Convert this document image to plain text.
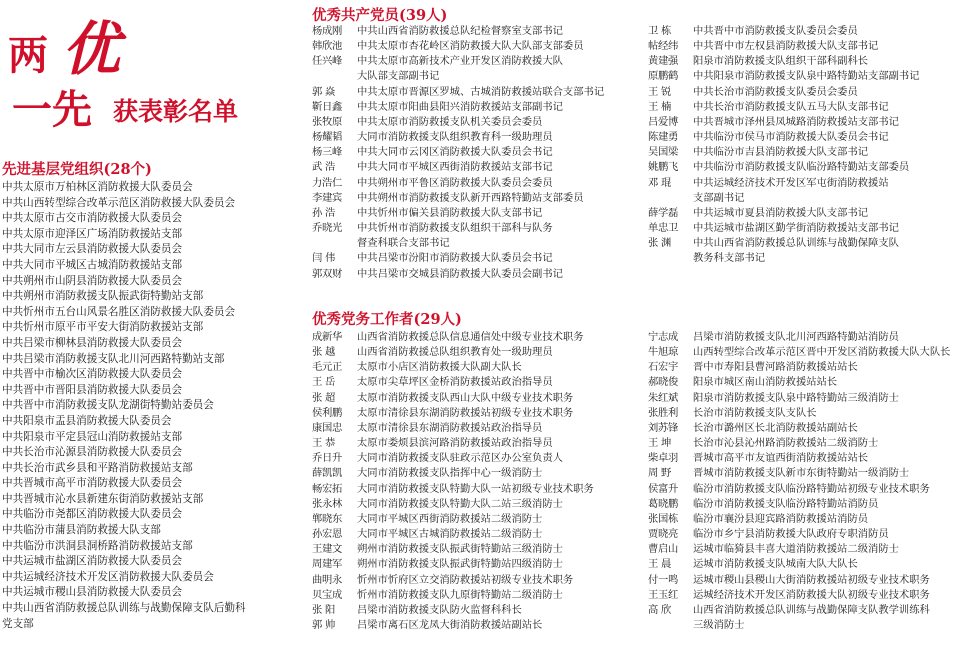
两 优
一先 获表彰名单
先进基层党组织(28个)
中共太原市万柏林区消防救援大队委员会
中共山西转型综合改革示范区消防救援大队委员会
中共太原市古交市消防救援大队委员会
中共太原市迎泽区广场消防救援站支部
中共大同市左云县消防救援大队委员会
中共大同市平城区古城消防救援站支部
中共朔州市山阴县消防救援大队委员会
中共朔州市消防救援支队振武街特勤站支部
中共忻州市五台山风景名胜区消防救援大队委员会
中共忻州市原平市平安大街消防救援站支部
中共吕梁市柳林县消防救援大队委员会
中共吕梁市消防救援支队北川河西路特勤站支部
中共晋中市榆次区消防救援大队委员会
中共晋中市晋阳县消防救援大队委员会
中共晋中市消防救援支队龙湖街特勤站委员会
中共阳泉市盂县消防救援大队委员会
中共阳泉市平定县冠山消防救援站支部
中共长治市沁源县消防救援大队委员会
中共长治市武乡县和平路消防救援站支部
中共晋城市高平市消防救援大队委员会
中共晋城市沁水县新建东街消防救援站支部
中共临汾市尧都区消防救援大队委员会
中共临汾市蒲县消防救援大队支部
中共临汾市洪洞县洞桥路消防救援站支部
中共运城市盐湖区消防救援大队委员会
中共运城经济技术开发区消防救援大队委员会
中共运城市稷山县消防救援大队委员会
中共山西省消防救援总队训练与战勤保障支队后勤科
党支部
优秀共产党员(39人)
杨成刚	中共山西省消防救援总队纪检督察室支部书记
韩欣池	中共太原市杏花岭区消防救援大队大队部支部委员
任兴峰	中共太原市高新技术产业开发区消防救援大队
大队部支部副书记
郭 焱	中共太原市晋源区罗城、古城消防救援站联合支部书记
靳日鑫	中共太原市阳曲县阳兴消防救援站支部副书记
张牧原	中共太原市消防救援支队机关委员会委员
杨耀韬	大同市消防救援支队组织教育科一级助理员
杨三峰	中共大同市云冈区消防救援大队委员会书记
武 浩	中共大同市平城区西街消防救援站支部书记
力浩仁	中共朔州市平鲁区消防救援大队委员会委员
李建宾	中共朔州市消防救援支队新开西路特勤站支部委员
孙 浩	中共忻州市偏关县消防救援大队支部书记
乔晓光	中共忻州市消防救援支队组织干部科与队务
督查科联合支部书记
闫 伟	中共吕梁市汾阳市消防救援大队委员会书记
郭双财	中共吕梁市交城县消防救援大队委员会副书记
卫 栋	中共晋中市消防救援支队委员会委员
帖经纬	中共晋中市左权县消防救援大队支部书记
黄建强	阳泉市消防救援支队组织干部科副科长
原鹏鹤	中共阳泉市消防救援支队泉中路特勤站支部副书记
王 锐	中共长治市消防救援支队委员会委员
王 楠	中共长治市消防救援支队五马大队支部书记
吕爱博	中共晋城市泽州县凤城路消防救援站支部书记
陈建勇	中共临汾市侯马市消防救援大队委员会书记
吴国梁	中共临汾市吉县消防救援大队支部书记
姚鹏飞	中共临汾市消防救援支队临汾路特勤站支部委员
邓 琨	中共运城经济技术开发区军屯街消防救援站
支部副书记
薛学磊	中共运城市夏县消防救援大队支部书记
单忠卫	中共运城市盐湖区勤学街消防救援站支部书记
张 渊	中共山西省消防救援总队训练与战勤保障支队
教务科支部书记
优秀党务工作者(29人)
成新华	山西省消防救援总队信息通信处中级专业技术职务
张 越	山西省消防救援总队组织教育处一级助理员
毛元正	太原市小店区消防救援大队副大队长
王 岳	太原市尖草坪区金桥消防救援站政治指导员
张 超	太原市消防救援支队西山大队中级专业技术职务
侯利鹏	太原市清徐县东湖消防救援站初级专业技术职务
康国忠	太原市清徐县东湖消防救援站政治指导员
王 恭	太原市娄烦县滨河路消防救援站政治指导员
乔日升	大同市消防救援支队驻政示范区办公室负责人
薛凯凯	大同市消防救援支队指挥中心一级消防士
畅宏拓	大同市消防救援支队特勤大队一站初级专业技术职务
张永林	大同市消防救援支队特勤大队二站三级消防士
郸晓东	大同市平城区西街消防救援站二级消防士
孙宏恩	大同市平城区古城消防救援站二级消防士
王建文	朔州市消防救援支队振武街特勤站三级消防士
周建军	朔州市消防救援支队振武街特勤站四级消防士
曲明永	忻州市忻府区立交消防救援站初级专业技术职务
贝宝成	忻州市消防救援支队九原街特勤站二级消防士
张 阳	吕梁市消防救援支队防火监督科科长
郭 帅	吕梁市离石区龙凤大街消防救援站副站长
宁志成	吕梁市消防救援支队北川河西路特勤站消防员
牛旭琼	山西转型综合改革示范区晋中开发区消防救援大队大队长
石宏宇	晋中市寿阳县曹河路消防救援站站长
郝晓俊	阳泉市城区南山消防救援站站长
朱红斌	阳泉市消防救援支队泉中路特勤站三级消防士
张胜利	长治市消防救援支队支队长
刘苏锋	长治市潞州区长北消防救援站副站长
王 坤	长治市沁县沁州路消防救援站二级消防士
柴卓羽	晋城市高平市友谊西街消防救援站站长
周 野	晋城市消防救援支队新市东街特勤站一级消防士
侯富升	临汾市消防救援支队临汾路特勤站初级专业技术职务
葛晓鹏	临汾市消防救援支队临汾路特勤站消防员
张国栋	临汾市襄汾县迎宾路消防救援站消防员
贾晓亮	临汾市乡宁县消防救援大队政府专职消防员
曹启山	运城市临猗县丰喜大道消防救援站二级消防士
王 晨	运城市消防救援支队城南大队大队长
付一鸣	运城市稷山县稷山大街消防救援站初级专业技术职务
王玉红	运城经济技术开发区消防救援大队初级专业技术职务
高 欣	山西省消防救援总队训练与战勤保障支队教学训练科
三级消防士
